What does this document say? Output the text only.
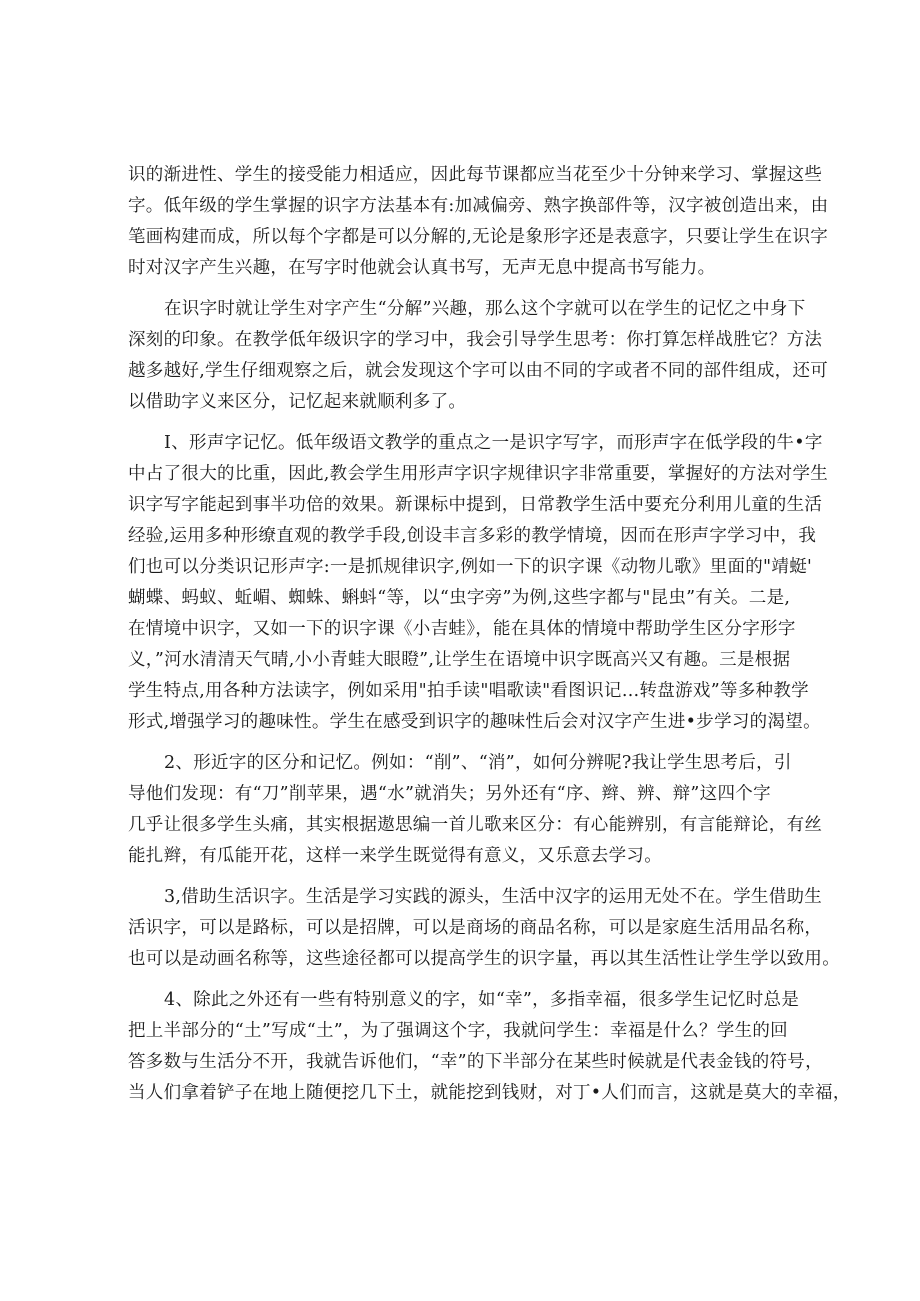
识的渐进性、学生的接受能力相适应，因此每节课都应当花至少十分钟来学习、掌握这些
字。低年级的学生掌握的识字方法基本有:加减偏旁、熟字换部件等，汉字被创造出来，由
笔画构建而成，所以每个字都是可以分解的,无论是象形字还是表意字，只要让学生在识字
时对汉字产生兴趣，在写字时他就会认真书写，无声无息中提高书写能力。
在识字时就让学生对字产生“分解”兴趣，那么这个字就可以在学生的记忆之中身下
深刻的印象。在教学低年级识字的学习中，我会引导学生思考：你打算怎样战胜它？方法
越多越好,学生仔细观察之后，就会发现这个字可以由不同的字或者不同的部件组成，还可
以借助字义来区分，记忆起来就顺利多了。
I、形声字记忆。低年级语文教学的重点之一是识字写字，而形声字在低学段的牛•字
中占了很大的比重，因此,教会学生用形声字识字规律识字非常重要，掌握好的方法对学生
识字写字能起到事半功倍的效果。新课标中提到，日常教学生活中要充分利用儿童的生活
经验,运用多种形缭直观的教学手段,创设丰言多彩的教学情境，因而在形声字学习中，我
们也可以分类识记形声字:一是抓规律识字,例如一下的识字课《动物儿歌》里面的"靖蜓'
蝴蝶、蚂蚁、蚯嵋、蜘蛛、蝌蚪“等，以“虫字旁”为例,这些字都与"昆虫”有关。二是,
在情境中识字，又如一下的识字课《小吉蛙》，能在具体的情境中帮助学生区分字形字
义，”河水清清天气晴,小小青蛙大眼瞪”,让学生在语境中识字既高兴又有趣。三是根据
学生特点,用各种方法读字，例如采用"拍手读"唱歌读"看图识记…转盘游戏”等多种教学
形式,增强学习的趣味性。学生在感受到识字的趣味性后会对汉字产生进•步学习的渴望。
2、形近字的区分和记忆。例如：“削”、“消”，如何分辨呢?我让学生思考后，引
导他们发现：有“刀”削苹果，遇“水”就消失；另外还有“序、辫、辨、辩”这四个字
几乎让很多学生头痛，其实根据遨思编一首儿歌来区分：有心能辨别，有言能辩论，有丝
能扎辫，有瓜能开花，这样一来学生既觉得有意义，又乐意去学习。
3,借助生活识字。生活是学习实践的源头，生活中汉字的运用无处不在。学生借助生
活识字，可以是路标，可以是招牌，可以是商场的商品名称，可以是家庭生活用品名称，
也可以是动画名称等，这些途径都可以提高学生的识字量，再以其生活性让学生学以致用。
4、除此之外还有一些有特别意义的字，如“幸”，多指幸福，很多学生记忆时总是
把上半部分的“土”写成“土”，为了强调这个字，我就问学生：幸福是什么？学生的回
答多数与生活分不开，我就告诉他们，“幸”的下半部分在某些时候就是代表金钱的符号，
当人们拿着铲子在地上随便挖几下土，就能挖到钱财，对丁•人们而言，这就是莫大的幸福，
